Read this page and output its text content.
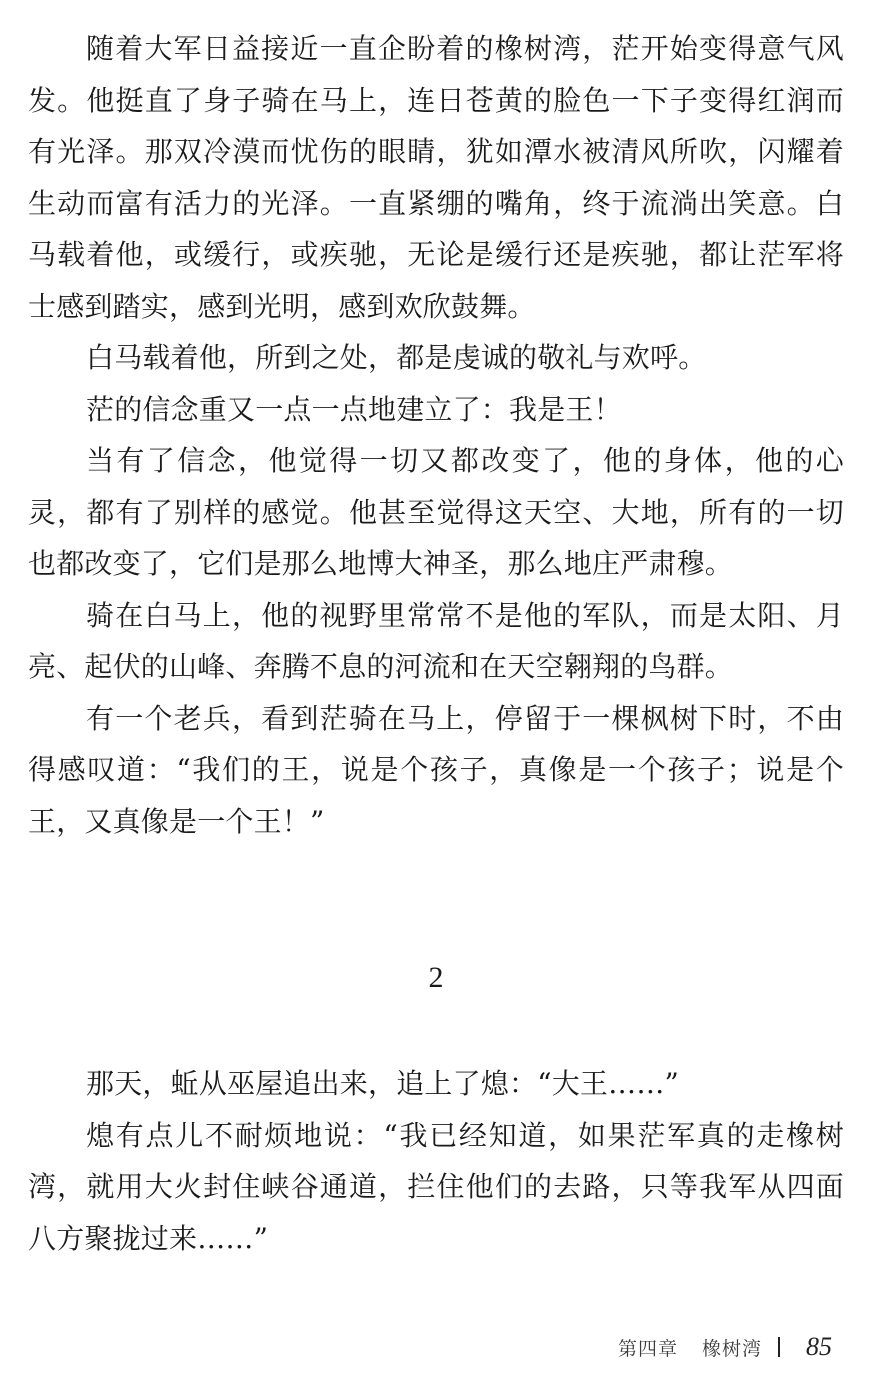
随着大军日益接近一直企盼着的橡树湾，茫开始变得意气风发。他挺直了身子骑在马上，连日苍黄的脸色一下子变得红润而有光泽。那双冷漠而忧伤的眼睛，犹如潭水被清风所吹，闪耀着生动而富有活力的光泽。一直紧绷的嘴角，终于流淌出笑意。白马载着他，或缓行，或疾驰，无论是缓行还是疾驰，都让茫军将士感到踏实，感到光明，感到欢欣鼓舞。

白马载着他，所到之处，都是虔诚的敬礼与欢呼。

茫的信念重又一点一点地建立了：我是王！

当有了信念，他觉得一切又都改变了，他的身体，他的心灵，都有了别样的感觉。他甚至觉得这天空、大地，所有的一切也都改变了，它们是那么地博大神圣，那么地庄严肃穆。

骑在白马上，他的视野里常常不是他的军队，而是太阳、月亮、起伏的山峰、奔腾不息的河流和在天空翱翔的鸟群。

有一个老兵，看到茫骑在马上，停留于一棵枫树下时，不由得感叹道：“我们的王，说是个孩子，真像是一个孩子；说是个王，又真像是一个王！”

2

那天，蚯从巫屋追出来，追上了熄：“大王……”

熄有点儿不耐烦地说：“我已经知道，如果茫军真的走橡树湾，就用大火封住峡谷通道，拦住他们的去路，只等我军从四面八方聚拢过来……”

第四章 橡树湾 85
